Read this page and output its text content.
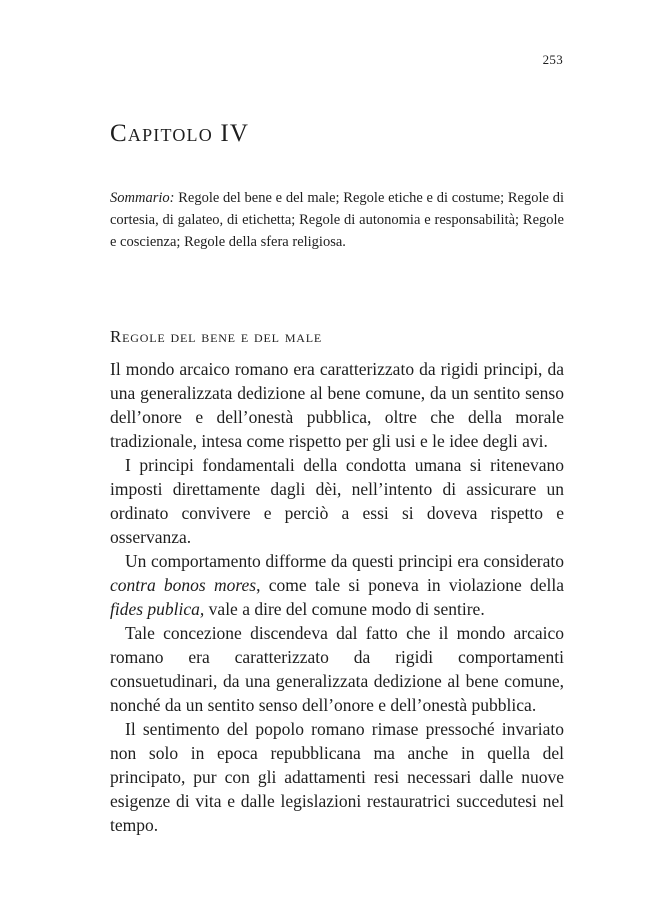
253
Capitolo IV

Sommario: Regole del bene e del male; Regole etiche e di costume; Regole di cortesia, di galateo, di etichetta; Regole di autonomia e responsabilità; Regole e coscienza; Regole della sfera religiosa.

Regole del bene e del male

Il mondo arcaico romano era caratterizzato da rigidi principi, da una generalizzata dedizione al bene comune, da un sentito senso dell’onore e dell’onestà pubblica, oltre che della morale tradizionale, intesa come rispetto per gli usi e le idee degli avi.

I principi fondamentali della condotta umana si ritenevano imposti direttamente dagli dèi, nell’intento di assicurare un ordinato convivere e perciò a essi si doveva rispetto e osservanza.

Un comportamento difforme da questi principi era considerato contra bonos mores, come tale si poneva in violazione della fides publica, vale a dire del comune modo di sentire.

Tale concezione discendeva dal fatto che il mondo arcaico romano era caratterizzato da rigidi comportamenti consuetudinari, da una generalizzata dedizione al bene comune, nonché da un sentito senso dell’onore e dell’onestà pubblica.

Il sentimento del popolo romano rimase pressoché invariato non solo in epoca repubblicana ma anche in quella del principato, pur con gli adattamenti resi necessari dalle nuove esigenze di vita e dalle legislazioni restauratrici succedutesi nel tempo.
